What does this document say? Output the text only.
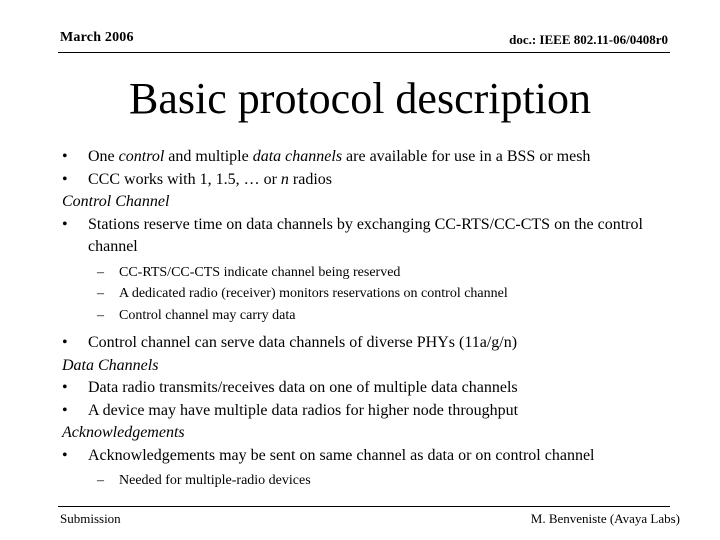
March 2006	doc.: IEEE 802.11-06/0408r0
Basic protocol description
• One control and multiple data channels are available for use in a BSS or mesh
• CCC works with 1, 1.5, … or n radios
Control Channel
• Stations reserve time on data channels by exchanging CC-RTS/CC-CTS on the control channel
– CC-RTS/CC-CTS indicate channel being reserved
– A dedicated radio (receiver) monitors reservations on control channel
– Control channel may carry data
• Control channel can serve data channels of diverse PHYs (11a/g/n)
Data Channels
• Data radio transmits/receives data on one of multiple data channels
• A device may have multiple data radios for higher node throughput
Acknowledgements
• Acknowledgements may be sent on same channel as data or on control channel
– Needed for multiple-radio devices
Submission	M. Benveniste (Avaya Labs)
